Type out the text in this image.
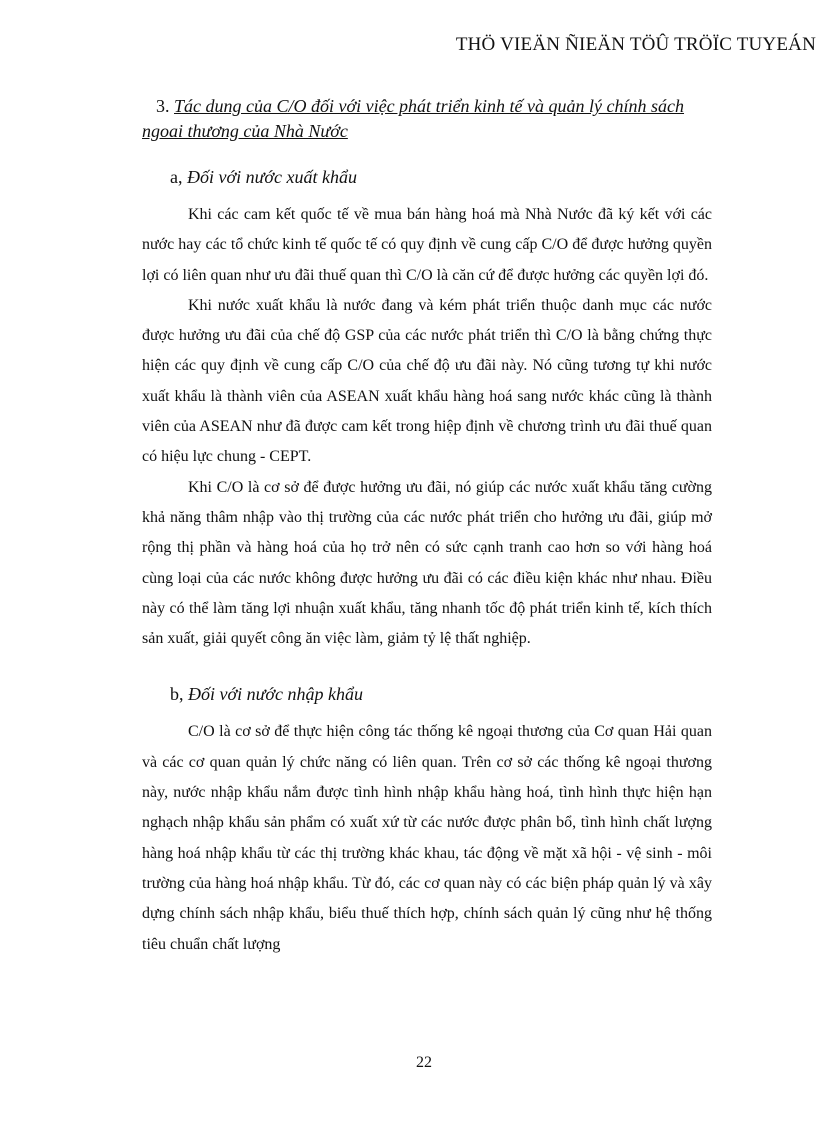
THÖ VIEÄN ÑIEÄN TÖÛ TRÖÏC TUYEÁN
3. Tác dung của C/O đối với việc phát triển kinh tế và quản lý chính sách ngoai thương của Nhà Nước
a, Đối với nước xuất khẩu

Khi các cam kết quốc tế về mua bán hàng hoá mà Nhà Nước đã ký kết với các nước hay các tổ chức kinh tế quốc tế có quy định về cung cấp C/O để được hưởng quyền lợi có liên quan như ưu đãi thuế quan thì C/O là căn cứ để được hưởng các quyền lợi đó.

Khi nước xuất khẩu là nước đang và kém phát triển thuộc danh mục các nước được hưởng ưu đãi của chế độ GSP của các nước phát triển thì C/O là bằng chứng thực hiện các quy định về cung cấp C/O của chế độ ưu đãi này. Nó cũng tương tự khi nước xuất khẩu là thành viên của ASEAN xuất khẩu hàng hoá sang nước khác cũng là thành viên của ASEAN như đã được cam kết trong hiệp định về chương trình ưu đãi thuế quan có hiệu lực chung - CEPT.

Khi C/O là cơ sở để được hưởng ưu đãi, nó giúp các nước xuất khẩu tăng cường khả năng thâm nhập vào thị trường của các nước phát triển cho hưởng ưu đãi, giúp mở rộng thị phần và hàng hoá của họ trở nên có sức cạnh tranh cao hơn so với hàng hoá cùng loại của các nước không được hưởng ưu đãi có các điều kiện khác như nhau. Điều này có thể làm tăng lợi nhuận xuất khẩu, tăng nhanh tốc độ phát triển kinh tế, kích thích sản xuất, giải quyết công ăn việc làm, giảm tỷ lệ thất nghiệp.

b, Đối với nước nhập khẩu

C/O là cơ sở để thực hiện công tác thống kê ngoại thương của Cơ quan Hải quan và các cơ quan quản lý chức năng có liên quan. Trên cơ sở các thống kê ngoại thương này, nước nhập khẩu nắm được tình hình nhập khẩu hàng hoá, tình hình thực hiện hạn nghạch nhập khẩu sản phẩm có xuất xứ từ các nước được phân bổ, tình hình chất lượng hàng hoá nhập khẩu từ các thị trường khác khau, tác động về mặt xã hội - vệ sinh - môi trường của hàng hoá nhập khẩu. Từ đó, các cơ quan này có các biện pháp quản lý và xây dựng chính sách nhập khẩu, biểu thuế thích hợp, chính sách quản lý cũng như hệ thống tiêu chuẩn chất lượng

22
